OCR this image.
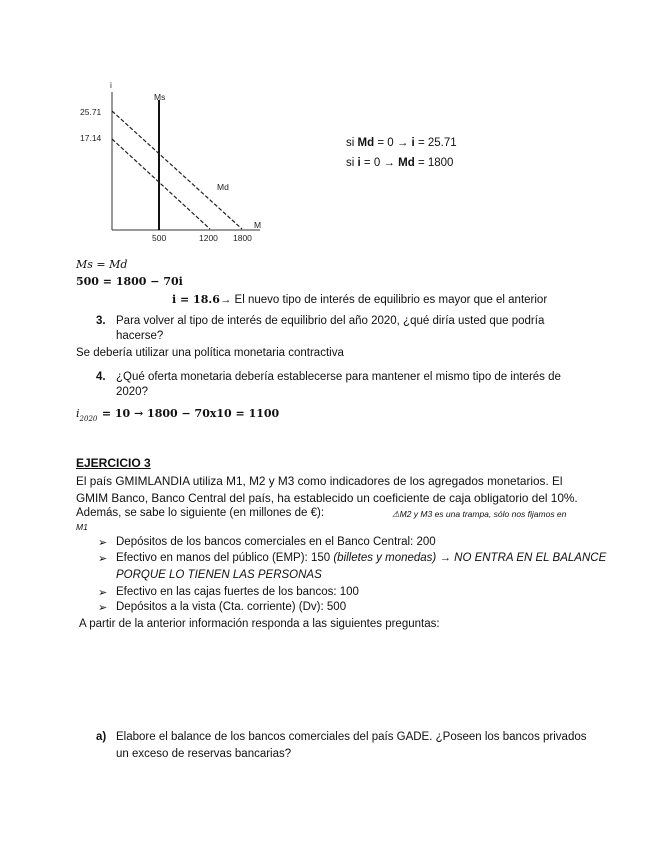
i
Ms
Md
M
25.71
17.14
500	1200 1800
si Md = 0 → i = 25.71
si i = 0 → Md = 1800
Ms = Md
500 = 1800 − 70i
i = 18.6→ El nuevo tipo de interés de equilibrio es mayor que el anterior
3. Para volver al tipo de interés de equilibrio del año 2020, ¿qué diría usted que podría
hacerse?
Se debería utilizar una política monetaria contractiva
4. ¿Qué oferta monetaria debería establecerse para mantener el mismo tipo de interés de
2020?
$i_{2020} = 10 \to 1800 - 70x10 = 1100$
EJERCICIO 3
El país GMIMLANDIA utiliza M1, M2 y M3 como indicadores de los agregados monetarios. El
GMIM Banco, Banco Central del país, ha establecido un coeficiente de caja obligatorio del 10%.
Además, se sabe lo siguiente (en millones de €):	⚠M2 y M3 es una trampa, sólo nos fijamos en
M1
➢ Depósitos de los bancos comerciales en el Banco Central: 200
➢ Efectivo en manos del público (EMP): 150 (billetes y monedas) → NO ENTRA EN EL BALANCE
PORQUE LO TIENEN LAS PERSONAS
➢ Efectivo en las cajas fuertes de los bancos: 100
➢ Depósitos a la vista (Cta. corriente) (Dv): 500
A partir de la anterior información responda a las siguientes preguntas:
a) Elabore el balance de los bancos comerciales del país GADE. ¿Poseen los bancos privados
un exceso de reservas bancarias?
